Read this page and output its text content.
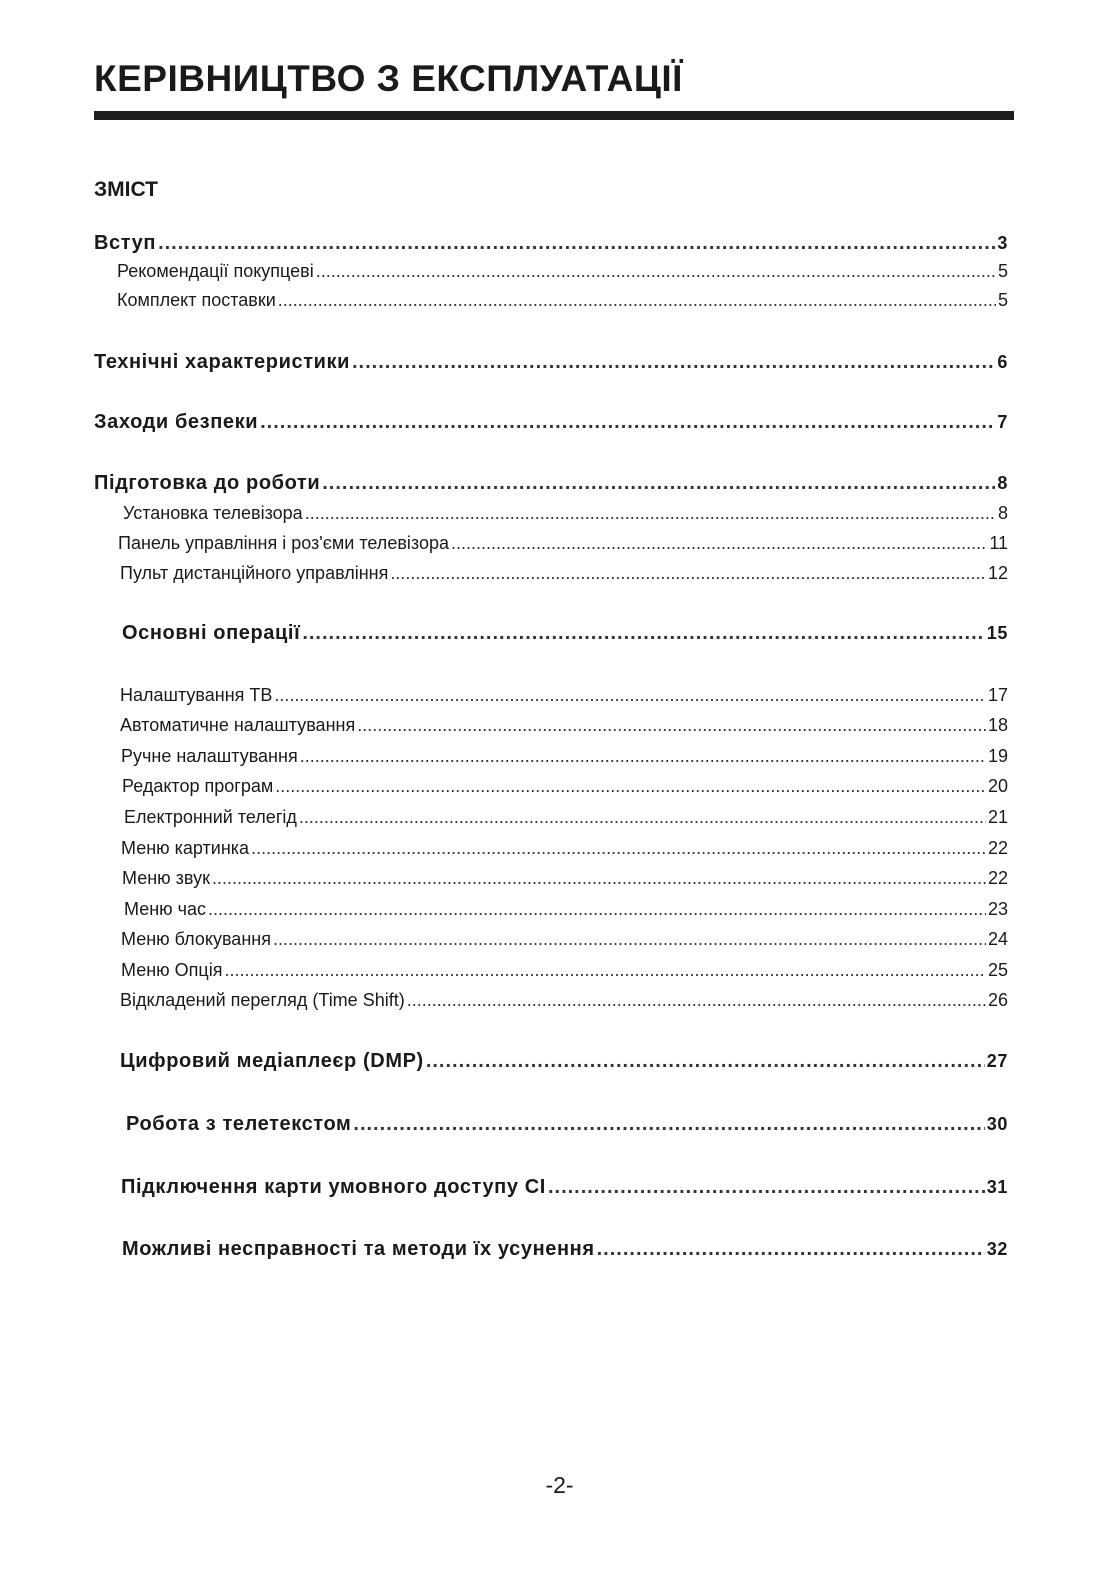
КЕРІВНИЦТВО З ЕКСПЛУАТАЦІЇ
ЗМІСТ
Вступ .....	3
Рекомендації покупцеві .....	5
Комплект поставки .....	5
Технічні характеристики .....	6
Заходи безпеки .....	7
Підготовка до роботи .....	8
Установка телевізора .....	8
Панель управління і роз'єми телевізора .....	11
Пульт дистанційного управління .....	12
Основні операції .....	15
Налаштування ТВ .....	17
Автоматичне налаштування .....	18
Ручне налаштування .....	19
Редактор програм .....	20
Електронний телегід .....	21
Меню картинка .....	22
Меню звук .....	22
Меню час .....	23
Меню блокування .....	24
Меню Опція .....	25
Відкладений перегляд (Time Shift) .....	26
Цифровий медіаплеєр (DMP) .....	27
Робота з телетекстом .....	30
Підключення карти умовного доступу CI .....	31
Можливі несправності та методи їх усунення .....	32
-2-
